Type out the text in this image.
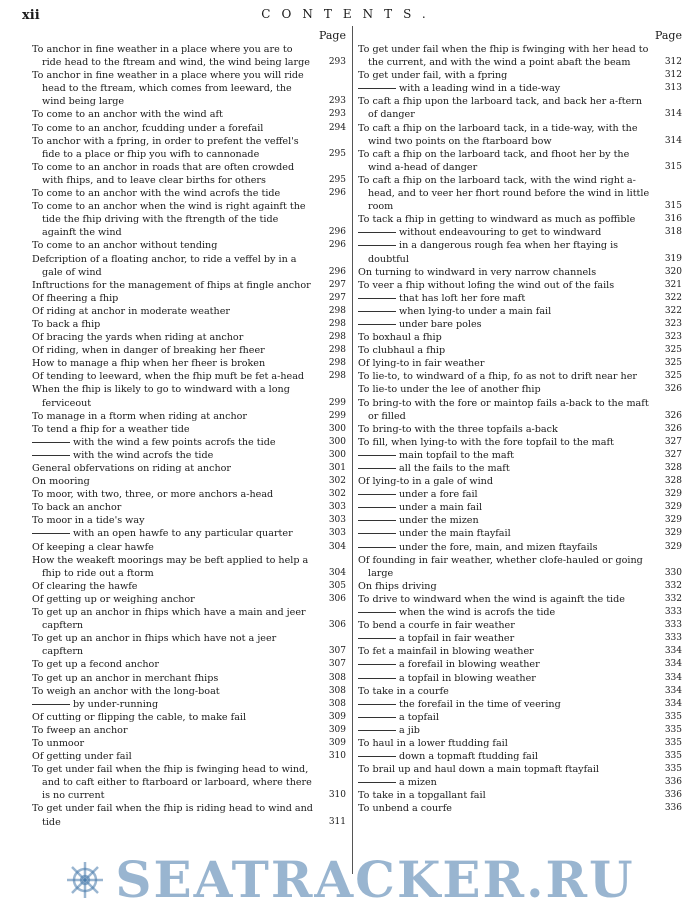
xii	CONTENTS.
Page
To anchor in fine weather in a place where you are to ride head to the ftream and wind, the wind being large 293
To anchor in fine weather in a place where you will ride head to the ftream, which comes from leeward, the wind being large	293
To come to an anchor with the wind aft	293
To come to an anchor, fcudding under a forefail	294
To anchor with a fpring, in order to prefent the veffel's fide to a place or fhip you wifh to cannonade	295
To come to an anchor in roads that are often crowded with fhips, and to leave clear births for others	295
To come to an anchor with the wind acrofs the tide	296
To come to an anchor when the wind is right againft the tide the fhip driving with the ftrength of the tide againft the wind	296
To come to an anchor without tending	296
Defcription of a floating anchor, to ride a veffel by in a gale of wind	296
Inftructions for the management of fhips at fingle anchor 297
Of fheering a fhip	297
Of riding at anchor in moderate weather	298
To back a fhip	298
Of bracing the yards when riding at anchor	298
Of riding, when in danger of breaking her fheer	298
How to manage a fhip when her fheer is broken	298
Of tending to leeward, when the fhip muft be fet a-head	298
When the fhip is likely to go to windward with a long ferviceout	299
To manage in a ftorm when riding at anchor	299
To tend a fhip for a weather tide	300
with the wind a few points acrofs the tide	300
with the wind acrofs the tide	300
General obfervations on riding at anchor	301
On mooring	302
To moor, with two, three, or more anchors a-head	302
To back an anchor	303
To moor in a tide's way	303
with an open hawfe to any particular quarter	303
Of keeping a clear hawfe	304
How the weakeft moorings may be beft applied to help a fhip to ride out a ftorm	304
Of clearing the hawfe	305
Of getting up or weighing anchor	306
To get up an anchor in fhips which have a main and jeer capftern	306
To get up an anchor in fhips which have not a jeer capftern	307
To get up a fecond anchor	307
To get up an anchor in merchant fhips	308
To weigh an anchor with the long-boat	308
by under-running	308
Of cutting or flipping the cable, to make fail	309
To fweep an anchor	309
To unmoor	309
Of getting under fail	310
To get under fail when the fhip is fwinging head to wind, and to caft either to ftarboard or larboard, where there is no current	310
To get under fail when the fhip is riding head to wind and tide	311
Page
To get under fail when the fhip is fwinging with her head to the current, and with the wind a point abaft the beam	312
To get under fail, with a fpring	312
with a leading wind in a tide-way	313
To caft a fhip upon the larboard tack, and back her a-ftern of danger	314
To caft a fhip on the larboard tack, in a tide-way, with the wind two points on the ftarboard bow	314
To caft a fhip on the larboard tack, and fhoot her by the wind a-head of danger	315
To caft a fhip on the larboard tack, with the wind right a-head, and to veer her fhort round before the wind in little room	315
To tack a fhip in getting to windward as much as poffible	316
without endeavouring to get to windward	318
in a dangerous rough fea when her ftaying is doubtful	319
On turning to windward in very narrow channels	320
To veer a fhip without lofing the wind out of the fails	321
that has loft her fore maft	322
when lying-to under a main fail	322
under bare poles	323
To boxhaul a fhip	323
To clubhaul a fhip	325
Of lying-to in fair weather	325
To lie-to, to windward of a fhip, fo as not to drift near her	325
To lie-to under the lee of another fhip	326
To bring-to with the fore or maintop fails a-back to the maft or filled	326
To bring-to with the three topfails a-back	326
To fill, when lying-to with the fore topfail to the maft	327
main topfail to the maft	327
all the fails to the maft	328
Of lying-to in a gale of wind	328
under a fore fail	329
under a main fail	329
under the mizen	329
under the main ftayfail	329
under the fore, main, and mizen ftayfails	329
Of founding in fair weather, whether clofe-hauled or going large	330
On fhips driving	332
To drive to windward when the wind is againft the tide	332
when the wind is acrofs the tide	333
To bend a courfe in fair weather	333
a topfail in fair weather	333
To fet a mainfail in blowing weather	334
a forefail in blowing weather	334
a topfail in blowing weather	334
To take in a courfe	334
the forefail in the time of veering	334
a topfail	335
a jib	335
To haul in a lower ftudding fail	335
down a topmaft ftudding fail	335
To brail up and haul down a main topmaft ftayfail	335
a mizen	336
To take in a topgallant fail	336
To unbend a courfe	336
SEATRACKER.RU
